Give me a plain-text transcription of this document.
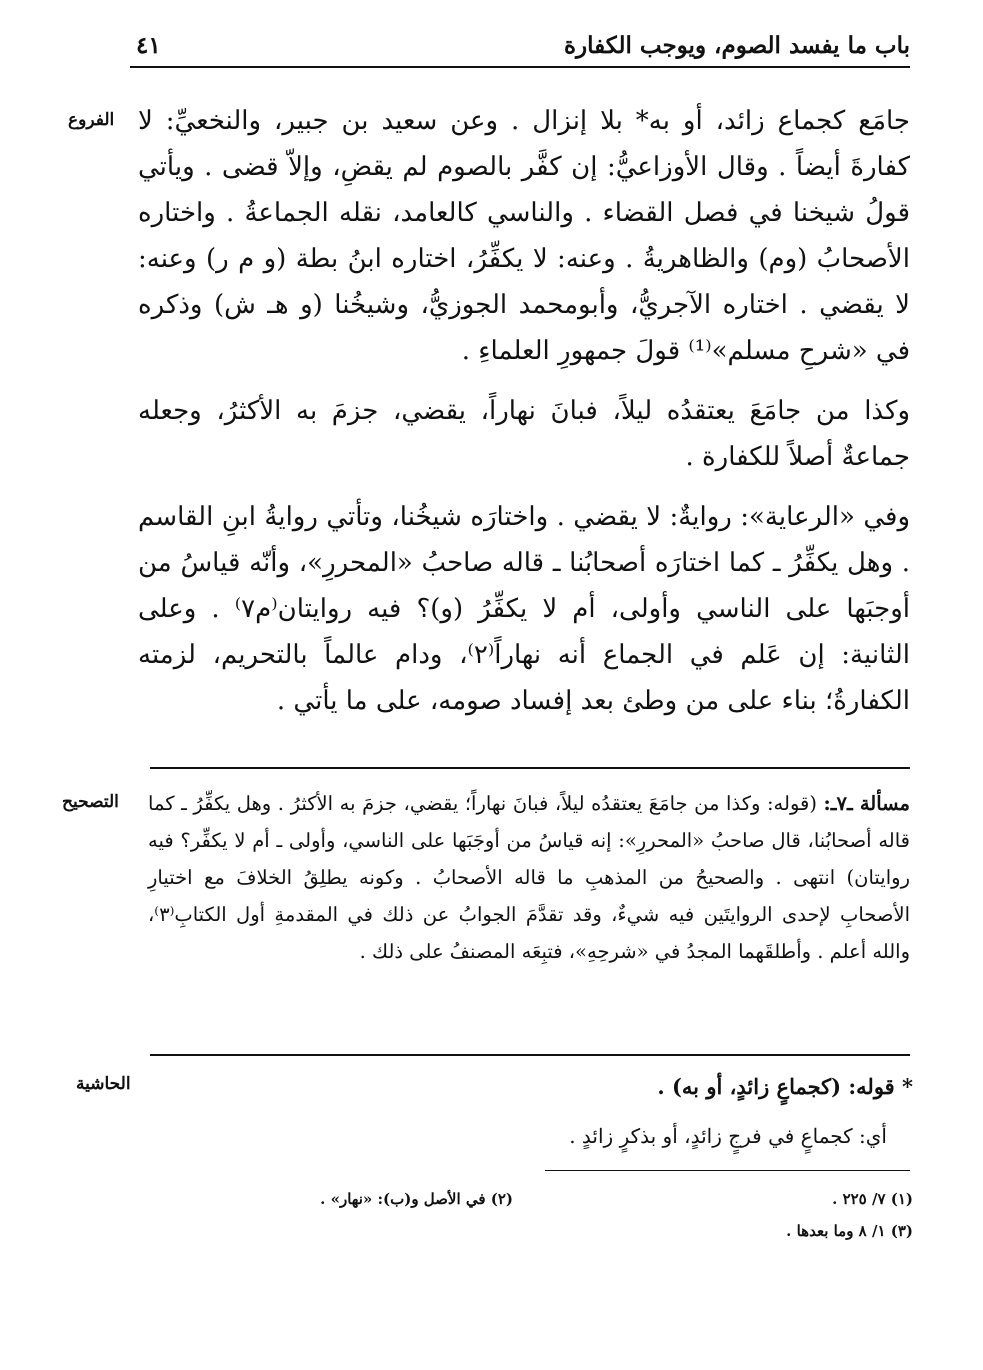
باب ما يفسد الصوم، ويوجب الكفارة
٤١
الفروع
التصحيح
الحاشية

جامَع كجماع زائد، أو به* بلا إنزال . وعن سعيد بن جبير، والنخعيِّ: لا كفارةَ أيضاً . وقال الأوزاعيُّ: إن كفَّر بالصوم لم يقضِ، وإلاّ قضى . ويأتي قولُ شيخنا في فصل القضاء . والناسي كالعامد، نقله الجماعةُ . واختاره الأصحابُ (وم) والظاهريةُ . وعنه: لا يكفِّرُ، اختاره ابنُ بطة (و م ر) وعنه: لا يقضي . اختاره الآجريُّ، وأبومحمد الجوزيُّ، وشيخُنا (و هـ ش) وذكره في «شرحِ مسلم»⁽¹⁾ قولَ جمهورِ العلماءِ .

وكذا من جامَعَ يعتقدُه ليلاً، فبانَ نهاراً، يقضي، جزمَ به الأكثرُ، وجعله جماعةٌ أصلاً للكفارة .

وفي «الرعاية»: روايةٌ: لا يقضي . واختارَه شيخُنا، وتأتي روايةُ ابنِ القاسم . وهل يكفِّرُ ـ كما اختارَه أصحابُنا ـ قاله صاحبُ «المحررِ»، وأنّه قياسُ من أوجبَها على الناسي وأولى، أم لا يكفِّرُ (و)؟ فيه روايتان⁽م٧⁾ . وعلى الثانية: إن عَلم في الجماع أنه نهاراً⁽٢⁾، ودام عالماً بالتحريم، لزمته الكفارةُ؛ بناء على من وطئ بعد إفساد صومه، على ما يأتي .

مسألة ـ٧ـ: (قوله: وكذا من جامَعَ يعتقدُه ليلاً، فبانَ نهاراً؛ يقضي، جزمَ به الأكثرُ . وهل يكفِّرُ ـ كما قاله أصحابُنا، قال صاحبُ «المحررِ»: إنه قياسُ من أوجَبَها على الناسي، وأولى ـ أم لا يكفِّر؟ فيه روايتان) انتهى . والصحيحُ من المذهبِ ما قاله الأصحابُ . وكونه يطلِقُ الخلافَ مع اختيارِ الأصحابِ لإحدى الروايتَين فيه شيءٌ، وقد تقدَّمَ الجوابُ عن ذلك في المقدمةِ أول الكتابِ⁽٣⁾، والله أعلم . وأطلقَهما المجدُ في «شرحِهِ»، فتبِعَه المصنفُ على ذلك .

* قوله: (كجماعٍ زائدٍ، أو به) .
أي: كجماعٍ في فرجٍ زائدٍ، أو بذكرٍ زائدٍ .
(١) ٧/ ٢٢٥ .
(٢) في الأصل و(ب): «نهار» .
(٣) ١/ ٨ وما بعدها .
